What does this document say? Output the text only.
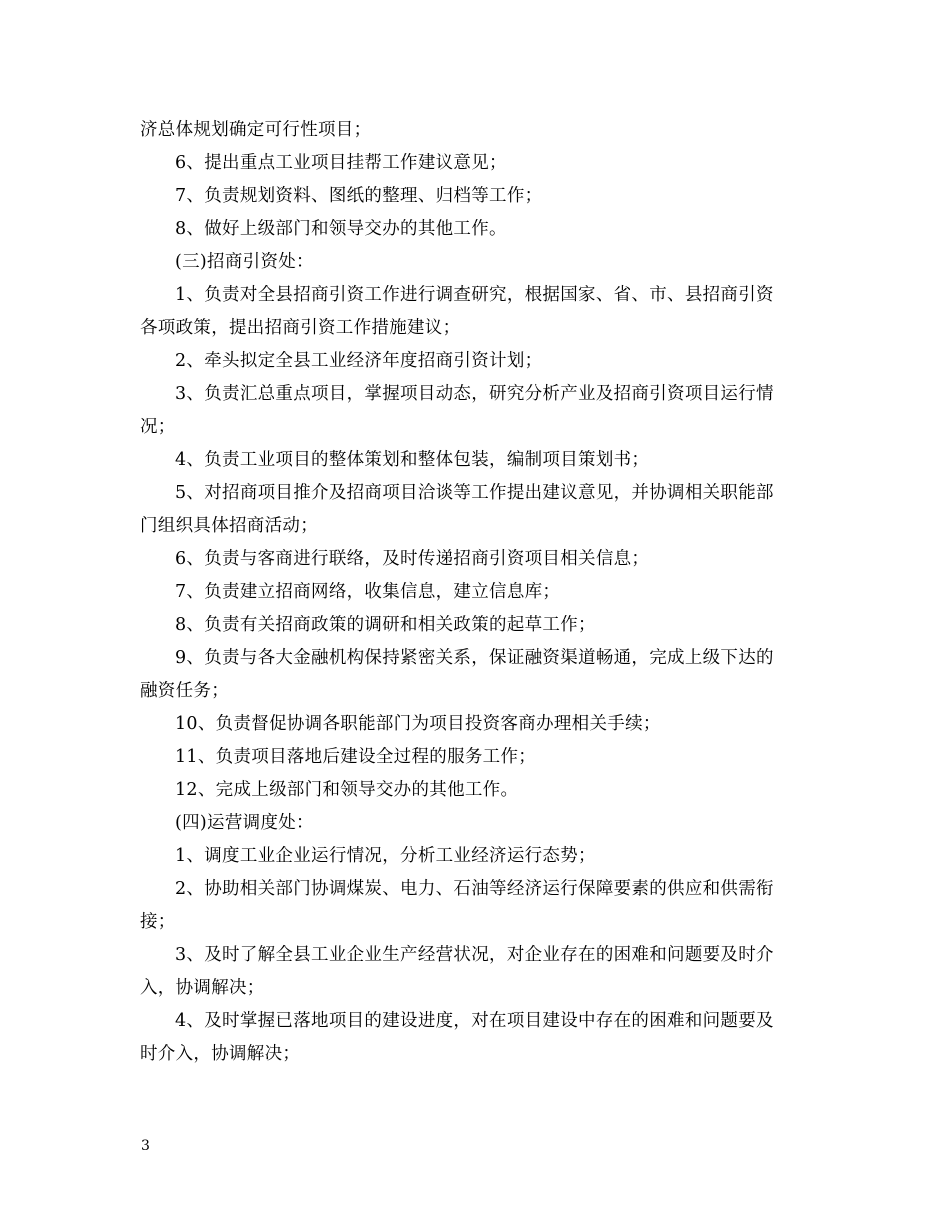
济总体规划确定可行性项目；
6、提出重点工业项目挂帮工作建议意见；
7、负责规划资料、图纸的整理、归档等工作；
8、做好上级部门和领导交办的其他工作。
(三)招商引资处：
1、负责对全县招商引资工作进行调查研究，根据国家、省、市、县招商引资
各项政策，提出招商引资工作措施建议；
2、牵头拟定全县工业经济年度招商引资计划；
3、负责汇总重点项目，掌握项目动态，研究分析产业及招商引资项目运行情
况；
4、负责工业项目的整体策划和整体包装，编制项目策划书；
5、对招商项目推介及招商项目洽谈等工作提出建议意见，并协调相关职能部
门组织具体招商活动；
6、负责与客商进行联络，及时传递招商引资项目相关信息；
7、负责建立招商网络，收集信息，建立信息库；
8、负责有关招商政策的调研和相关政策的起草工作；
9、负责与各大金融机构保持紧密关系，保证融资渠道畅通，完成上级下达的
融资任务；
10、负责督促协调各职能部门为项目投资客商办理相关手续；
11、负责项目落地后建设全过程的服务工作；
12、完成上级部门和领导交办的其他工作。
(四)运营调度处：
1、调度工业企业运行情况，分析工业经济运行态势；
2、协助相关部门协调煤炭、电力、石油等经济运行保障要素的供应和供需衔
接；
3、及时了解全县工业企业生产经营状况，对企业存在的困难和问题要及时介
入，协调解决；
4、及时掌握已落地项目的建设进度，对在项目建设中存在的困难和问题要及
时介入，协调解决；
3
